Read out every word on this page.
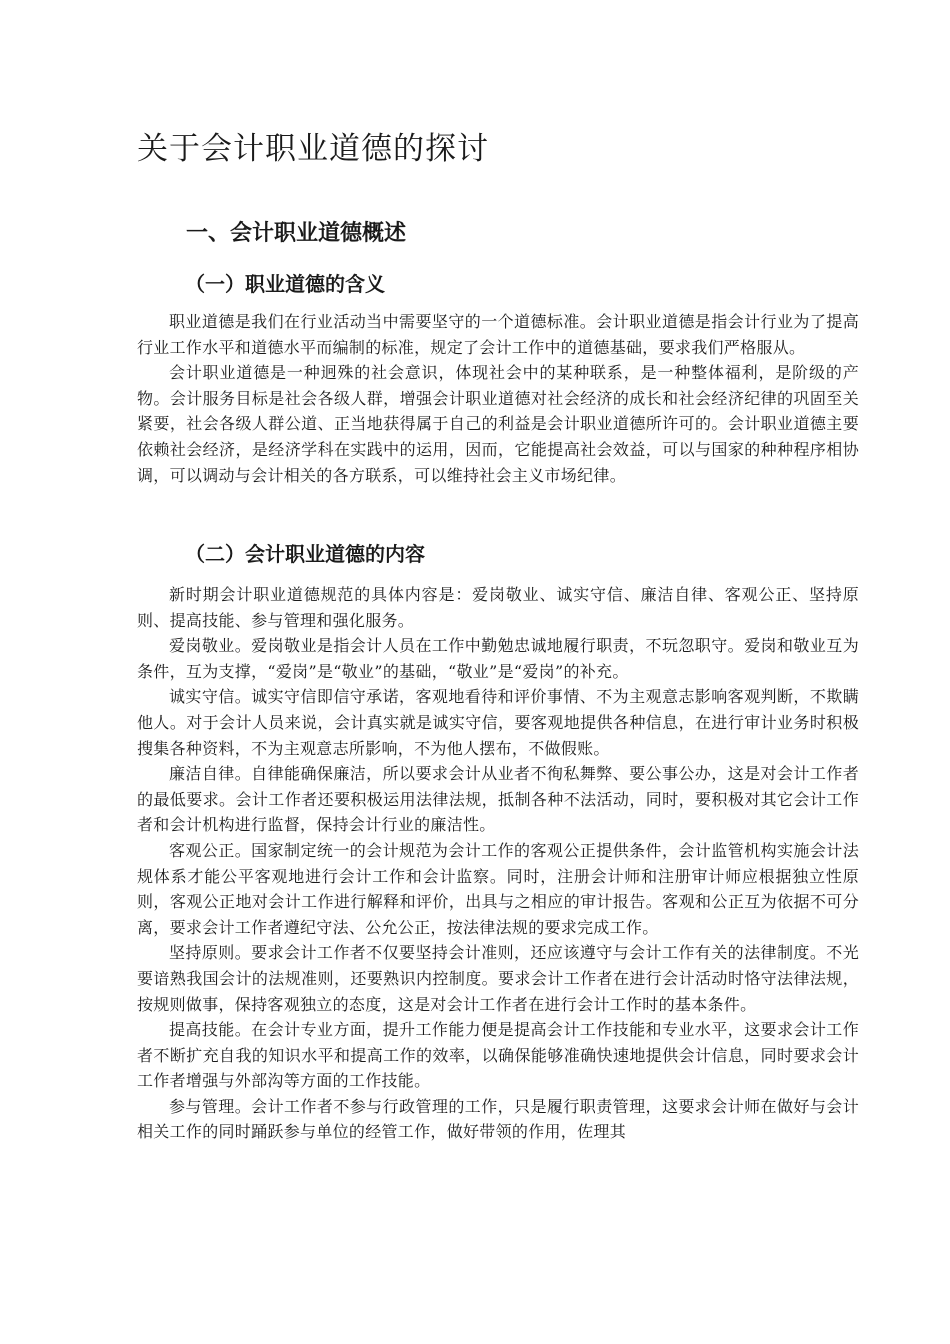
关于会计职业道德的探讨
一、会计职业道德概述
（一）职业道德的含义

职业道德是我们在行业活动当中需要坚守的一个道德标准。会计职业道德是指会计行业为了提高行业工作水平和道德水平而编制的标准，规定了会计工作中的道德基础，要求我们严格服从。

会计职业道德是一种迥殊的社会意识，体现社会中的某种联系，是一种整体福利，是阶级的产物。会计服务目标是社会各级人群，增强会计职业道德对社会经济的成长和社会经济纪律的巩固至关紧要，社会各级人群公道、正当地获得属于自己的利益是会计职业道德所许可的。会计职业道德主要依赖社会经济，是经济学科在实践中的运用，因而，它能提高社会效益，可以与国家的种种程序相协调，可以调动与会计相关的各方联系，可以维持社会主义市场纪律。

（二）会计职业道德的内容

新时期会计职业道德规范的具体内容是：爱岗敬业、诚实守信、廉洁自律、客观公正、坚持原则、提高技能、参与管理和强化服务。

爱岗敬业。爱岗敬业是指会计人员在工作中勤勉忠诚地履行职责，不玩忽职守。爱岗和敬业互为条件，互为支撑，“爱岗”是“敬业”的基础，“敬业”是“爱岗”的补充。

诚实守信。诚实守信即信守承诺，客观地看待和评价事情、不为主观意志影响客观判断，不欺瞒他人。对于会计人员来说，会计真实就是诚实守信，要客观地提供各种信息，在进行审计业务时积极搜集各种资料，不为主观意志所影响，不为他人摆布，不做假账。

廉洁自律。自律能确保廉洁，所以要求会计从业者不徇私舞弊、要公事公办，这是对会计工作者的最低要求。会计工作者还要积极运用法律法规，抵制各种不法活动，同时，要积极对其它会计工作者和会计机构进行监督，保持会计行业的廉洁性。

客观公正。国家制定统一的会计规范为会计工作的客观公正提供条件，会计监管机构实施会计法规体系才能公平客观地进行会计工作和会计监察。同时，注册会计师和注册审计师应根据独立性原则，客观公正地对会计工作进行解释和评价，出具与之相应的审计报告。客观和公正互为依据不可分离，要求会计工作者遵纪守法、公允公正，按法律法规的要求完成工作。

坚持原则。要求会计工作者不仅要坚持会计准则，还应该遵守与会计工作有关的法律制度。不光要谙熟我国会计的法规准则，还要熟识内控制度。要求会计工作者在进行会计活动时恪守法律法规，按规则做事，保持客观独立的态度，这是对会计工作者在进行会计工作时的基本条件。

提高技能。在会计专业方面，提升工作能力便是提高会计工作技能和专业水平，这要求会计工作者不断扩充自我的知识水平和提高工作的效率，以确保能够准确快速地提供会计信息，同时要求会计工作者增强与外部沟等方面的工作技能。

参与管理。会计工作者不参与行政管理的工作，只是履行职责管理，这要求会计师在做好与会计相关工作的同时踊跃参与单位的经管工作，做好带领的作用，佐理其
